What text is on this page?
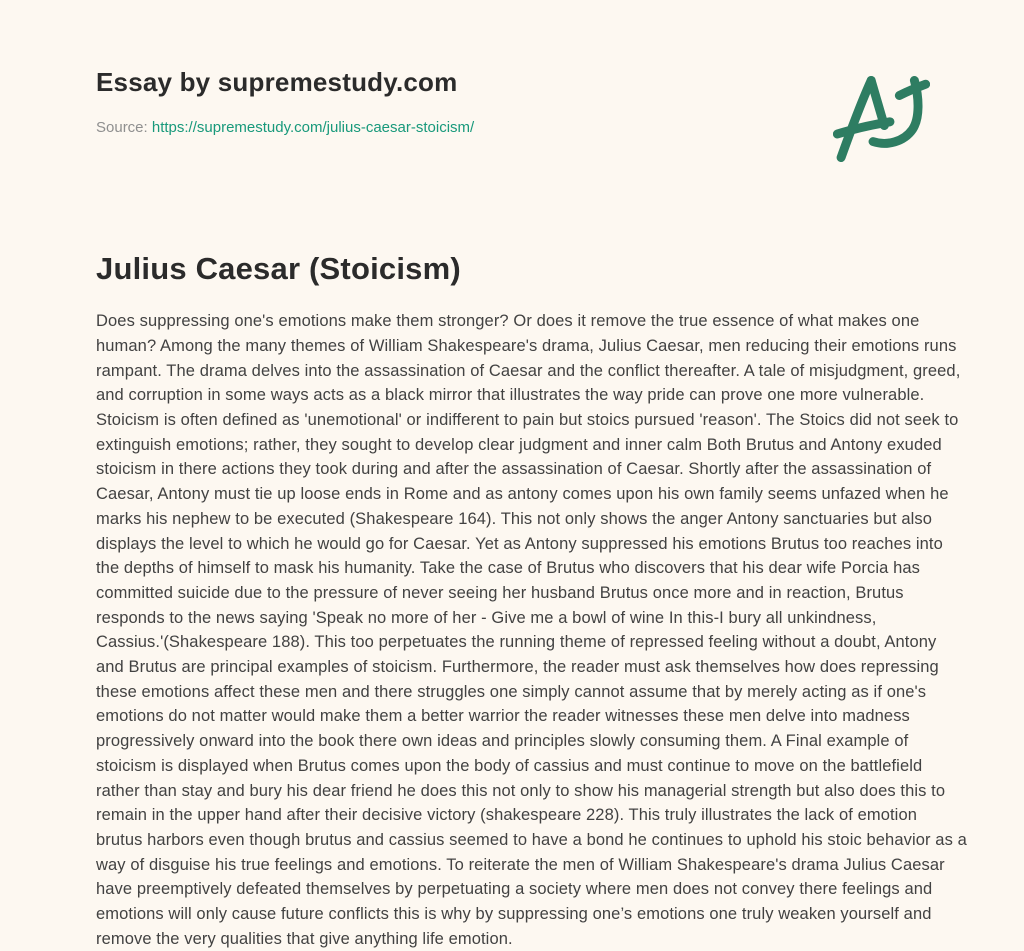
Essay by supremestudy.com
Source: https://supremestudy.com/julius-caesar-stoicism/
Julius Caesar (Stoicism)
Does suppressing one's emotions make them stronger? Or does it remove the true essence of what makes one
human? Among the many themes of William Shakespeare's drama, Julius Caesar, men reducing their emotions runs
rampant. The drama delves into the assassination of Caesar and the conflict thereafter. A tale of misjudgment, greed,
and corruption in some ways acts as a black mirror that illustrates the way pride can prove one more vulnerable.
Stoicism is often defined as 'unemotional' or indifferent to pain but stoics pursued 'reason'. The Stoics did not seek to
extinguish emotions; rather, they sought to develop clear judgment and inner calm Both Brutus and Antony exuded
stoicism in there actions they took during and after the assassination of Caesar. Shortly after the assassination of
Caesar, Antony must tie up loose ends in Rome and as antony comes upon his own family seems unfazed when he
marks his nephew to be executed (Shakespeare 164). This not only shows the anger Antony sanctuaries but also
displays the level to which he would go for Caesar. Yet as Antony suppressed his emotions Brutus too reaches into
the depths of himself to mask his humanity. Take the case of Brutus who discovers that his dear wife Porcia has
committed suicide due to the pressure of never seeing her husband Brutus once more and in reaction, Brutus
responds to the news saying 'Speak no more of her - Give me a bowl of wine In this-I bury all unkindness,
Cassius.'(Shakespeare 188). This too perpetuates the running theme of repressed feeling without a doubt, Antony
and Brutus are principal examples of stoicism. Furthermore, the reader must ask themselves how does repressing
these emotions affect these men and there struggles one simply cannot assume that by merely acting as if one's
emotions do not matter would make them a better warrior the reader witnesses these men delve into madness
progressively onward into the book there own ideas and principles slowly consuming them. A Final example of
stoicism is displayed when Brutus comes upon the body of cassius and must continue to move on the battlefield
rather than stay and bury his dear friend he does this not only to show his managerial strength but also does this to
remain in the upper hand after their decisive victory (shakespeare 228). This truly illustrates the lack of emotion
brutus harbors even though brutus and cassius seemed to have a bond he continues to uphold his stoic behavior as a
way of disguise his true feelings and emotions. To reiterate the men of William Shakespeare's drama Julius Caesar
have preemptively defeated themselves by perpetuating a society where men does not convey there feelings and
emotions will only cause future conflicts this is why by suppressing one’s emotions one truly weaken yourself and
remove the very qualities that give anything life emotion.
